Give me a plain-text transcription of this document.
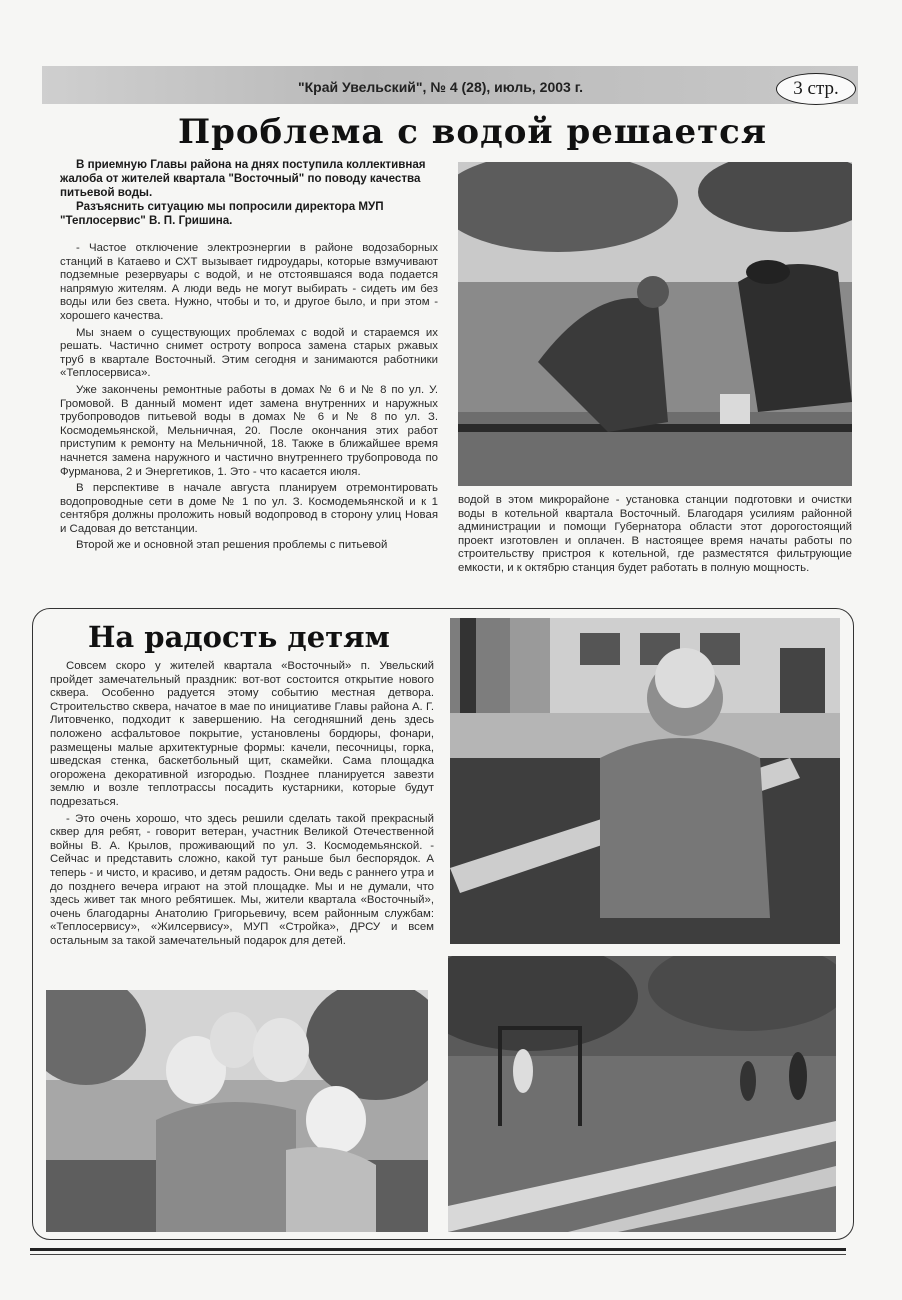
"Край Увельский", № 4 (28), июль, 2003 г.	3 стр.
Проблема с водой решается
В приемную Главы района на днях поступила коллективная жалоба от жителей квартала "Восточный" по поводу качества питьевой воды.
Разъяснить ситуацию мы попросили директора МУП "Теплосервис" В. П. Гришина.

- Частое отключение электроэнергии в районе водозаборных станций в Катаево и СХТ вызывает гидроудары, которые взмучивают подземные резервуары с водой, и не отстоявшаяся вода подается напрямую жителям. А люди ведь не могут выбирать - сидеть им без воды или без света. Нужно, чтобы и то, и другое было, и при этом - хорошего качества.

Мы знаем о существующих проблемах с водой и стараемся их решать. Частично снимет остроту вопроса замена старых ржавых труб в квартале Восточный. Этим сегодня и занимаются работники «Теплосервиса».

Уже закончены ремонтные работы в домах № 6 и № 8 по ул. У. Громовой. В данный момент идет замена внутренних и наружных трубопроводов питьевой воды в домах № 6 и № 8 по ул. З. Космодемьянской, Мельничная, 20. После окончания этих работ приступим к ремонту на Мельничной, 18. Также в ближайшее время начнется замена наружного и частично внутреннего трубопровода по Фурманова, 2 и Энергетиков, 1. Это - что касается июля.

В перспективе в начале августа планируем отремонтировать водопроводные сети в доме № 1 по ул. З. Космодемьянской и к 1 сентября должны проложить новый водопровод в сторону улиц Новая и Садовая до ветстанции.

Второй же и основной этап решения проблемы с питьевой

водой в этом микрорайоне - установка станции подготовки и очистки воды в котельной квартала Восточный. Благодаря усилиям районной администрации и помощи Губернатора области этот дорогостоящий проект изготовлен и оплачен. В настоящее время начаты работы по строительству пристроя к котельной, где разместятся фильтрующие емкости, и к октябрю станция будет работать в полную мощность.

На радость детям

Совсем скоро у жителей квартала «Восточный» п. Увельский пройдет замечательный праздник: вот-вот состоится открытие нового сквера. Особенно радуется этому событию местная детвора. Строительство сквера, начатое в мае по инициативе Главы района А. Г. Литовченко, подходит к завершению. На сегодняшний день здесь положено асфальтовое покрытие, установлены бордюры, фонари, размещены малые архитектурные формы: качели, песочницы, горка, шведская стенка, баскетбольный щит, скамейки. Сама площадка огорожена декоративной изгородью. Позднее планируется завезти землю и возле теплотрассы посадить кустарники, которые будут подрезаться.

- Это очень хорошо, что здесь решили сделать такой прекрасный сквер для ребят, - говорит ветеран, участник Великой Отечественной войны В. А. Крылов, проживающий по ул. З. Космодемьянской. - Сейчас и представить сложно, какой тут раньше был беспорядок. А теперь - и чисто, и красиво, и детям радость. Они ведь с раннего утра и до позднего вечера играют на этой площадке. Мы и не думали, что здесь живет так много ребятишек. Мы, жители квартала «Восточный», очень благодарны Анатолию Григорьевичу, всем районным службам: «Теплосервису», «Жилсервису», МУП «Стройка», ДРСУ и всем остальным за такой замечательный подарок для детей.
